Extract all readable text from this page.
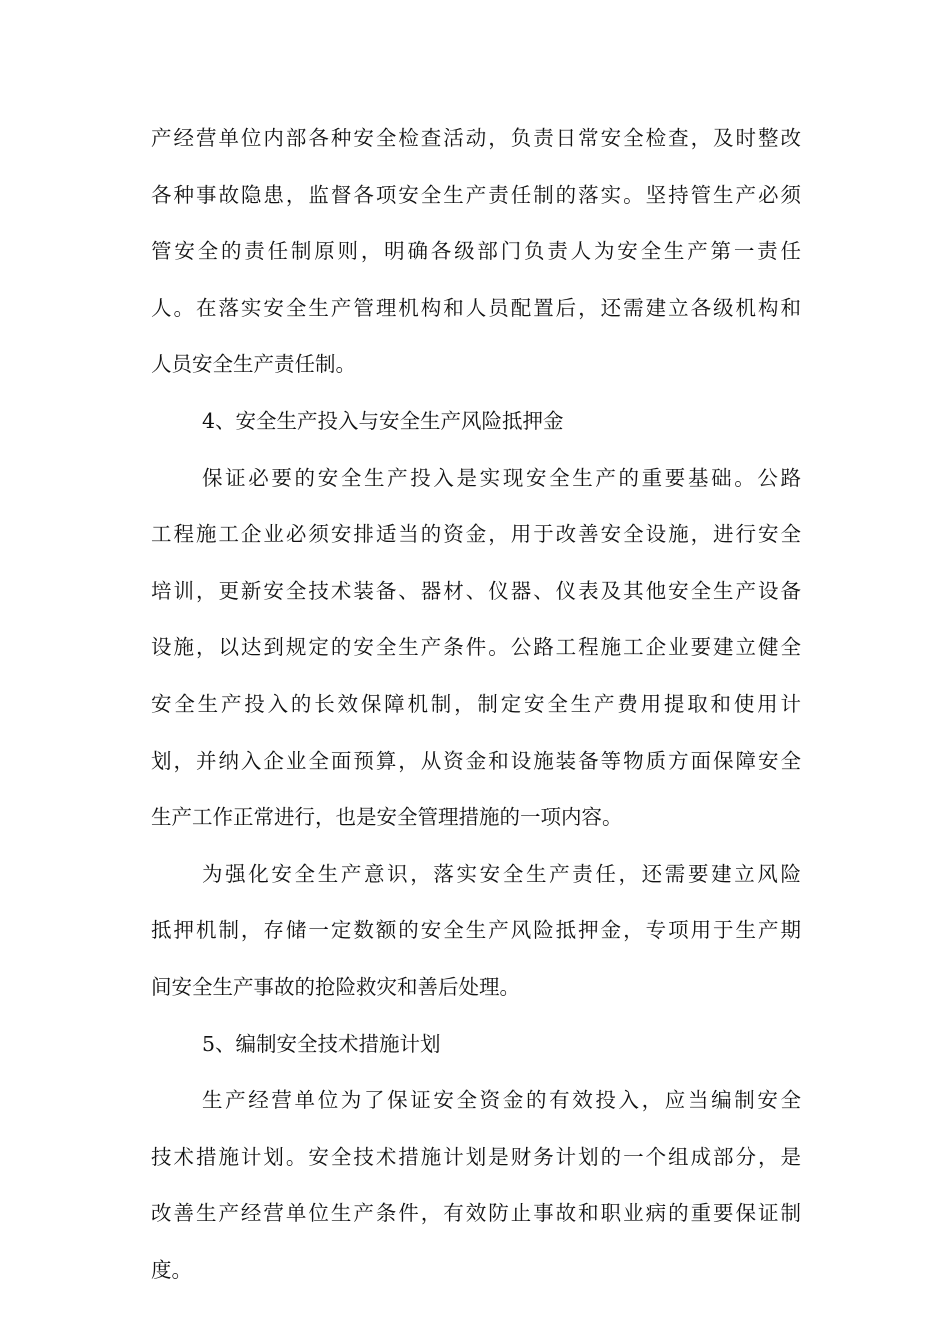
产经营单位内部各种安全检查活动，负责日常安全检查，及时整改
各种事故隐患，监督各项安全生产责任制的落实。坚持管生产必须
管安全的责任制原则，明确各级部门负责人为安全生产第一责任
人。在落实安全生产管理机构和人员配置后，还需建立各级机构和
人员安全生产责任制。
4、安全生产投入与安全生产风险抵押金
保证必要的安全生产投入是实现安全生产的重要基础。公路
工程施工企业必须安排适当的资金，用于改善安全设施，进行安全
培训，更新安全技术装备、器材、仪器、仪表及其他安全生产设备
设施，以达到规定的安全生产条件。公路工程施工企业要建立健全
安全生产投入的长效保障机制，制定安全生产费用提取和使用计
划，并纳入企业全面预算，从资金和设施装备等物质方面保障安全
生产工作正常进行，也是安全管理措施的一项内容。
为强化安全生产意识，落实安全生产责任，还需要建立风险
抵押机制，存储一定数额的安全生产风险抵押金，专项用于生产期
间安全生产事故的抢险救灾和善后处理。
5、编制安全技术措施计划
生产经营单位为了保证安全资金的有效投入，应当编制安全
技术措施计划。安全技术措施计划是财务计划的一个组成部分，是
改善生产经营单位生产条件，有效防止事故和职业病的重要保证制
度。
